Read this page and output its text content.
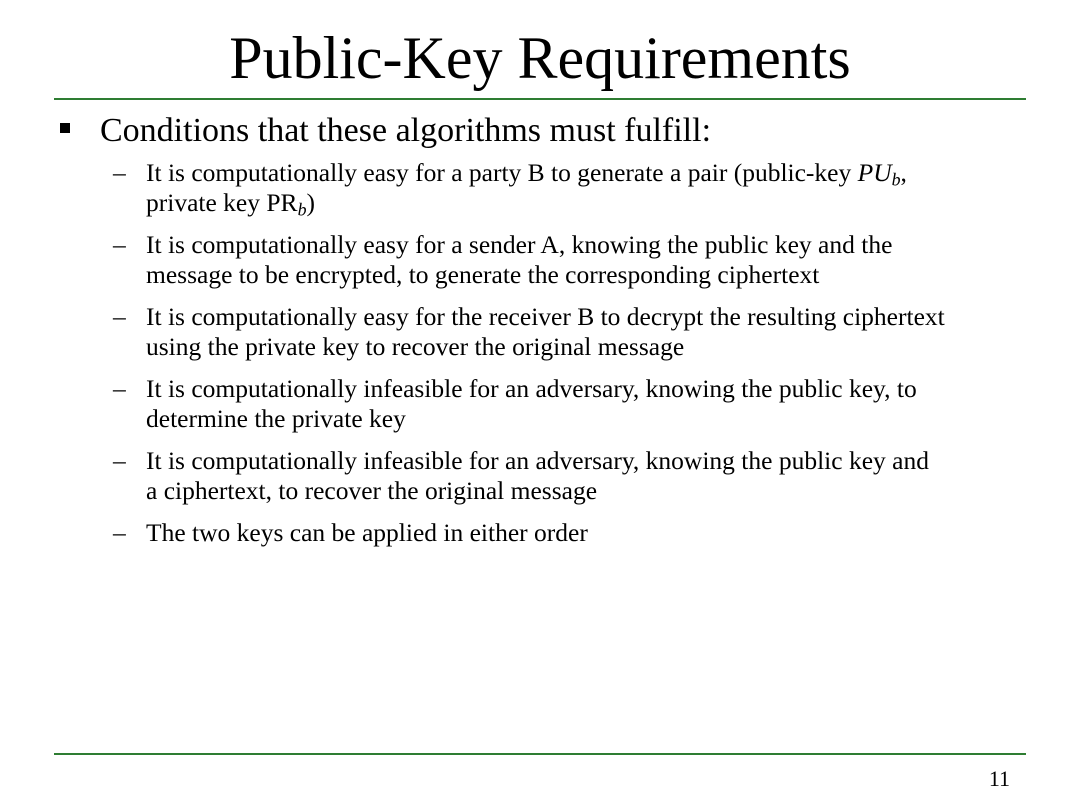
Public-Key Requirements
Conditions that these algorithms must fulfill:
– It is computationally easy for a party B to generate a pair (public-key $PU_b$, private key $PR_b$)
– It is computationally easy for a sender A, knowing the public key and the message to be encrypted, to generate the corresponding ciphertext
– It is computationally easy for the receiver B to decrypt the resulting ciphertext using the private key to recover the original message
– It is computationally infeasible for an adversary, knowing the public key, to determine the private key
– It is computationally infeasible for an adversary, knowing the public key and a ciphertext, to recover the original message
– The two keys can be applied in either order
11
